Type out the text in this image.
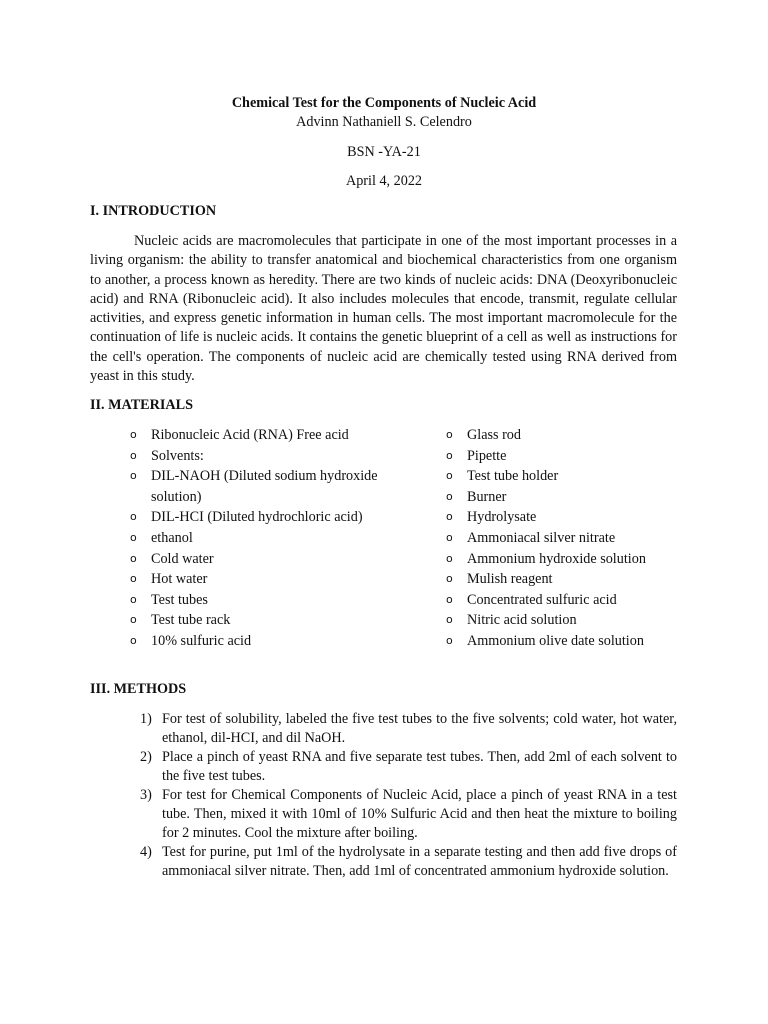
Chemical Test for the Components of Nucleic Acid
Advinn Nathaniell S. Celendro
BSN -YA-21
April 4, 2022
I. INTRODUCTION

Nucleic acids are macromolecules that participate in one of the most important processes in a living organism: the ability to transfer anatomical and biochemical characteristics from one organism to another, a process known as heredity. There are two kinds of nucleic acids: DNA (Deoxyribonucleic acid) and RNA (Ribonucleic acid). It also includes molecules that encode, transmit, regulate cellular activities, and express genetic information in human cells. The most important macromolecule for the continuation of life is nucleic acids. It contains the genetic blueprint of a cell as well as instructions for the cell's operation. The components of nucleic acid are chemically tested using RNA derived from yeast in this study.

II. MATERIALS
o Ribonucleic Acid (RNA) Free acid
o Solvents:
o DIL-NAOH (Diluted sodium hydroxide solution)
o DIL-HCI (Diluted hydrochloric acid)
o ethanol
o Cold water
o Hot water
o Test tubes
o Test tube rack
o 10% sulfuric acid
o Glass rod
o Pipette
o Test tube holder
o Burner
o Hydrolysate
o Ammoniacal silver nitrate
o Ammonium hydroxide solution
o Mulish reagent
o Concentrated sulfuric acid
o Nitric acid solution
o Ammonium olive date solution
III. METHODS
1) For test of solubility, labeled the five test tubes to the five solvents; cold water, hot water, ethanol, dil-HCI, and dil NaOH.
2) Place a pinch of yeast RNA and five separate test tubes. Then, add 2ml of each solvent to the five test tubes.
3) For test for Chemical Components of Nucleic Acid, place a pinch of yeast RNA in a test tube. Then, mixed it with 10ml of 10% Sulfuric Acid and then heat the mixture to boiling for 2 minutes. Cool the mixture after boiling.
4) Test for purine, put 1ml of the hydrolysate in a separate testing and then add five drops of ammoniacal silver nitrate. Then, add 1ml of concentrated ammonium hydroxide solution.
